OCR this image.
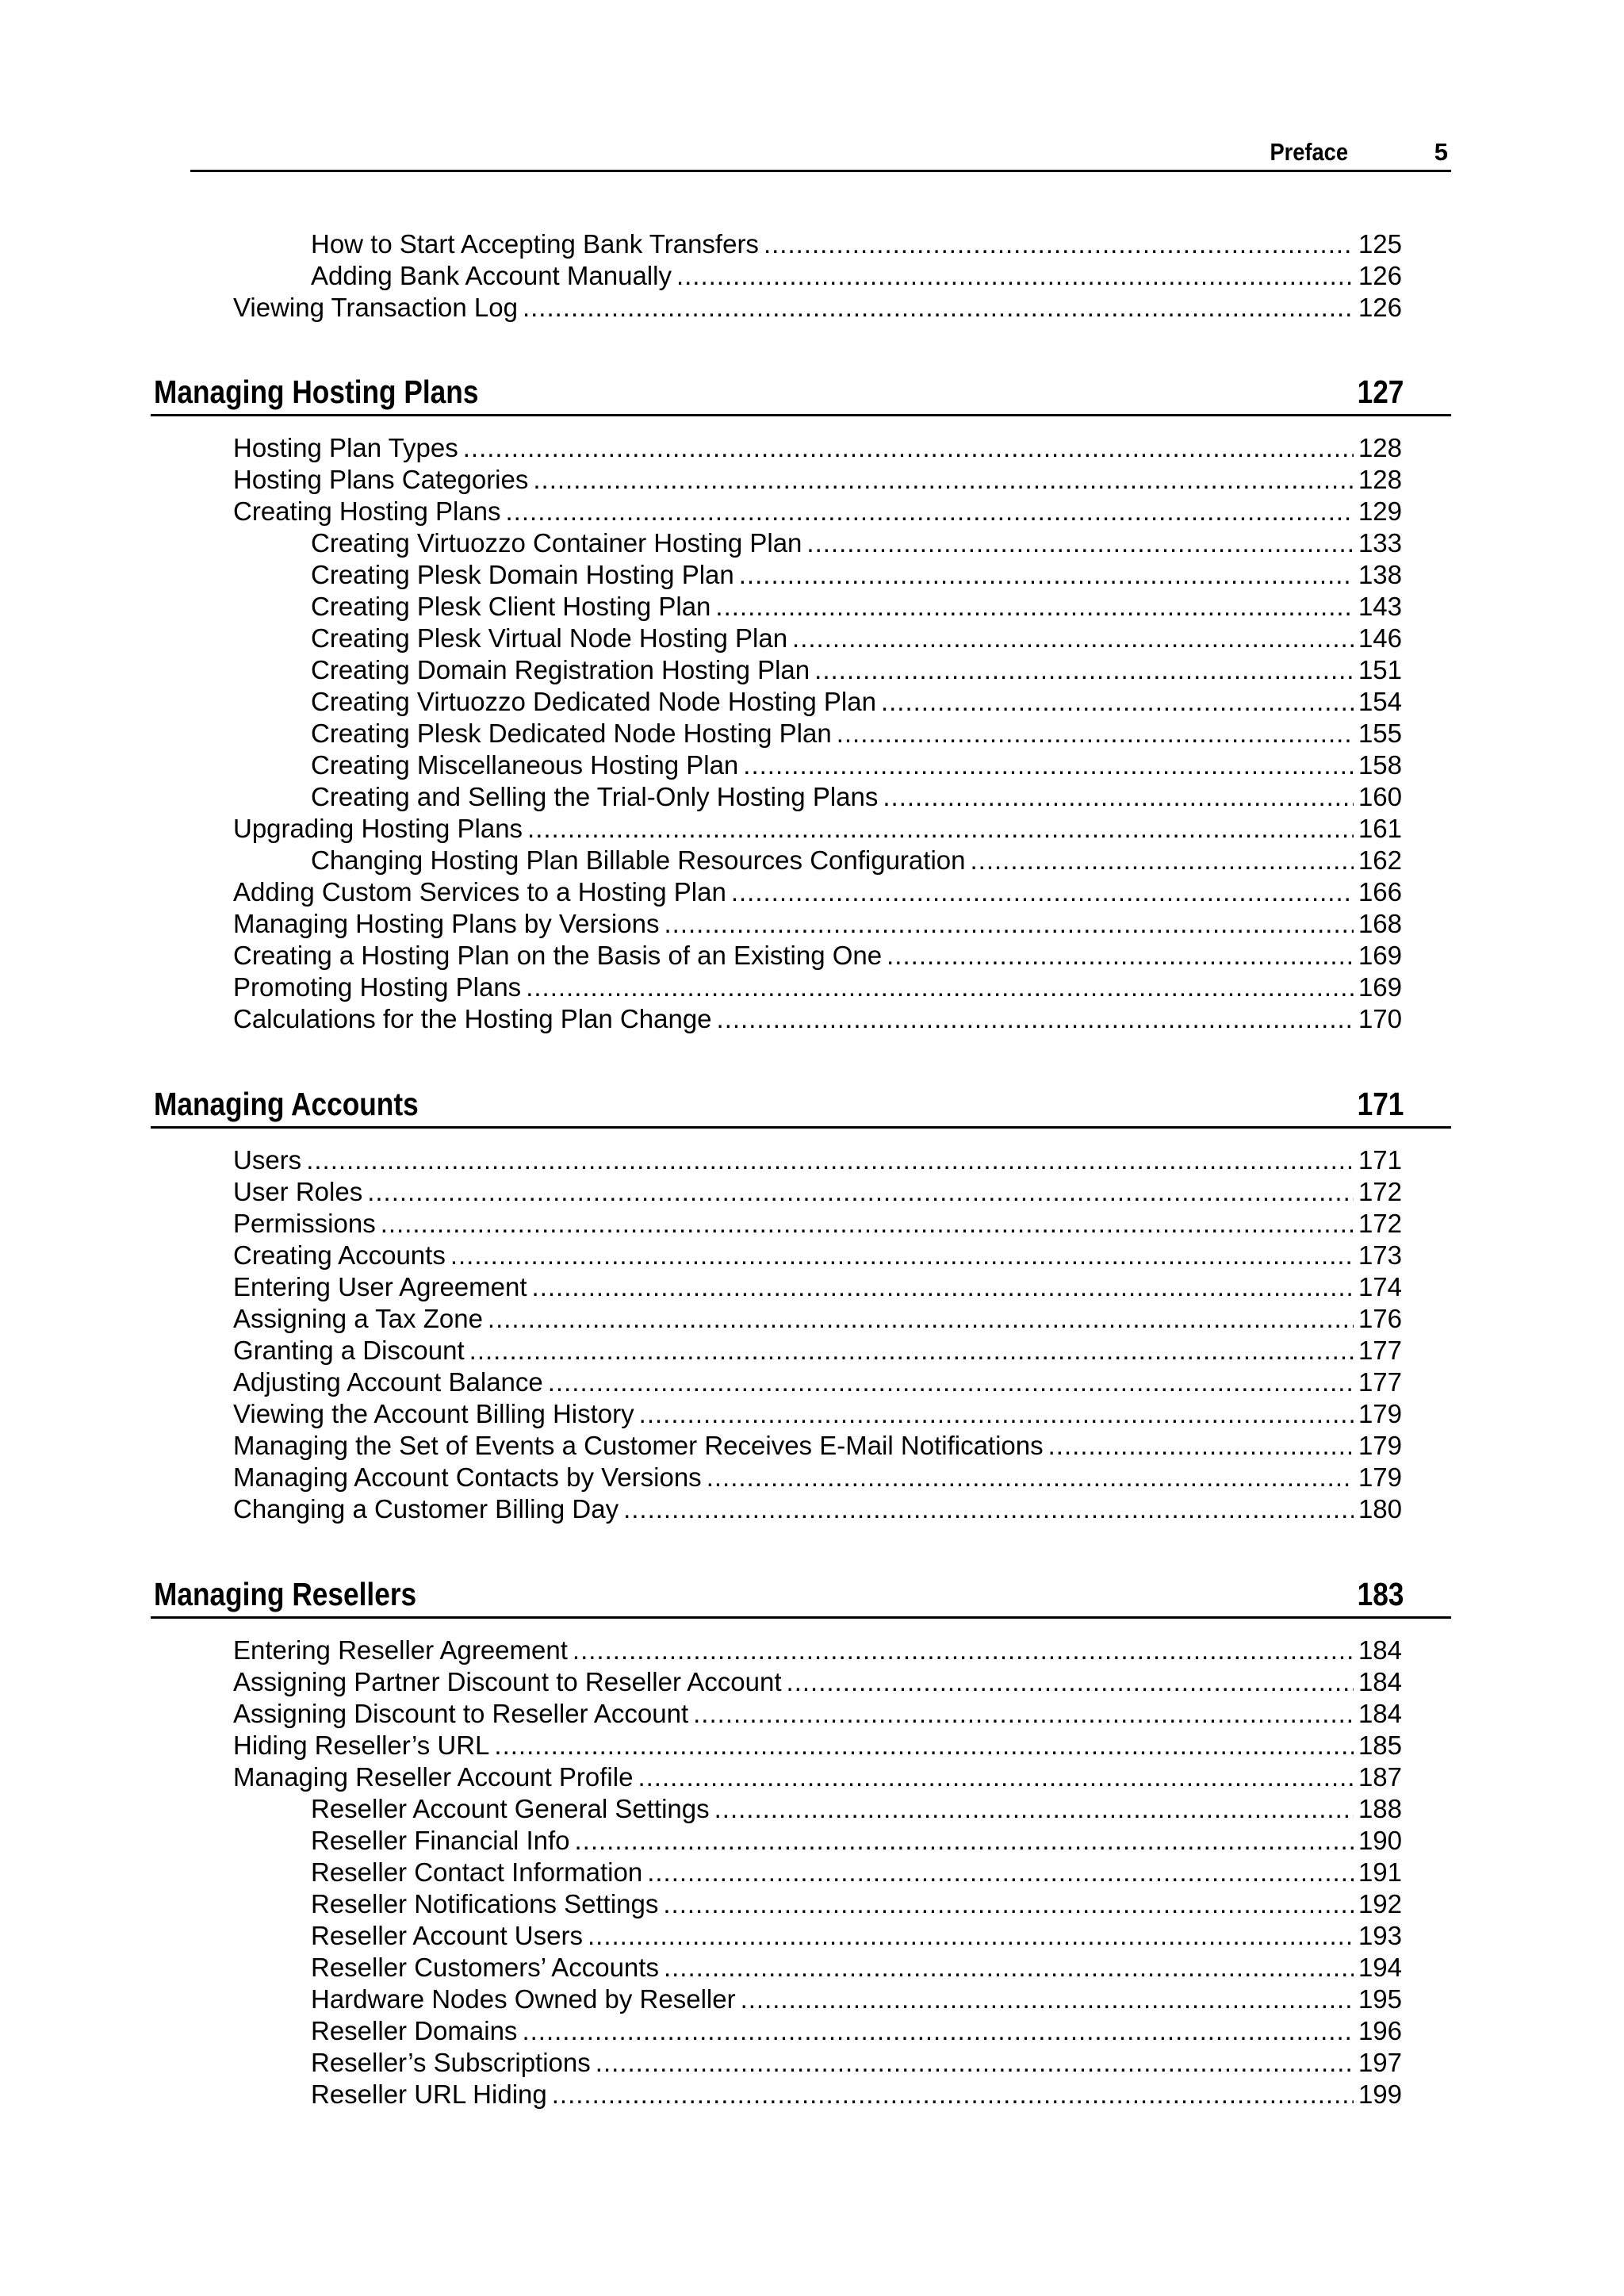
Preface	5
How to Start Accepting Bank Transfers .....	125
Adding Bank Account Manually .....	126
Viewing Transaction Log .....	126
Managing Hosting Plans	127
Hosting Plan Types .....	128
Hosting Plans Categories .....	128
Creating Hosting Plans .....	129
Creating Virtuozzo Container Hosting Plan .....	133
Creating Plesk Domain Hosting Plan .....	138
Creating Plesk Client Hosting Plan .....	143
Creating Plesk Virtual Node Hosting Plan .....	146
Creating Domain Registration Hosting Plan .....	151
Creating Virtuozzo Dedicated Node Hosting Plan .....	154
Creating Plesk Dedicated Node Hosting Plan .....	155
Creating Miscellaneous Hosting Plan .....	158
Creating and Selling the Trial-Only Hosting Plans .....	160
Upgrading Hosting Plans .....	161
Changing Hosting Plan Billable Resources Configuration .....	162
Adding Custom Services to a Hosting Plan .....	166
Managing Hosting Plans by Versions .....	168
Creating a Hosting Plan on the Basis of an Existing One .....	169
Promoting Hosting Plans .....	169
Calculations for the Hosting Plan Change .....	170
Managing Accounts	171
Users .....	171
User Roles .....	172
Permissions .....	172
Creating Accounts .....	173
Entering User Agreement .....	174
Assigning a Tax Zone .....	176
Granting a Discount .....	177
Adjusting Account Balance .....	177
Viewing the Account Billing History .....	179
Managing the Set of Events a Customer Receives E-Mail Notifications .....	179
Managing Account Contacts by Versions .....	179
Changing a Customer Billing Day .....	180
Managing Resellers	183
Entering Reseller Agreement .....	184
Assigning Partner Discount to Reseller Account .....	184
Assigning Discount to Reseller Account .....	184
Hiding Reseller’s URL .....	185
Managing Reseller Account Profile .....	187
Reseller Account General Settings .....	188
Reseller Financial Info .....	190
Reseller Contact Information .....	191
Reseller Notifications Settings .....	192
Reseller Account Users .....	193
Reseller Customers’ Accounts .....	194
Hardware Nodes Owned by Reseller .....	195
Reseller Domains .....	196
Reseller’s Subscriptions .....	197
Reseller URL Hiding .....	199
